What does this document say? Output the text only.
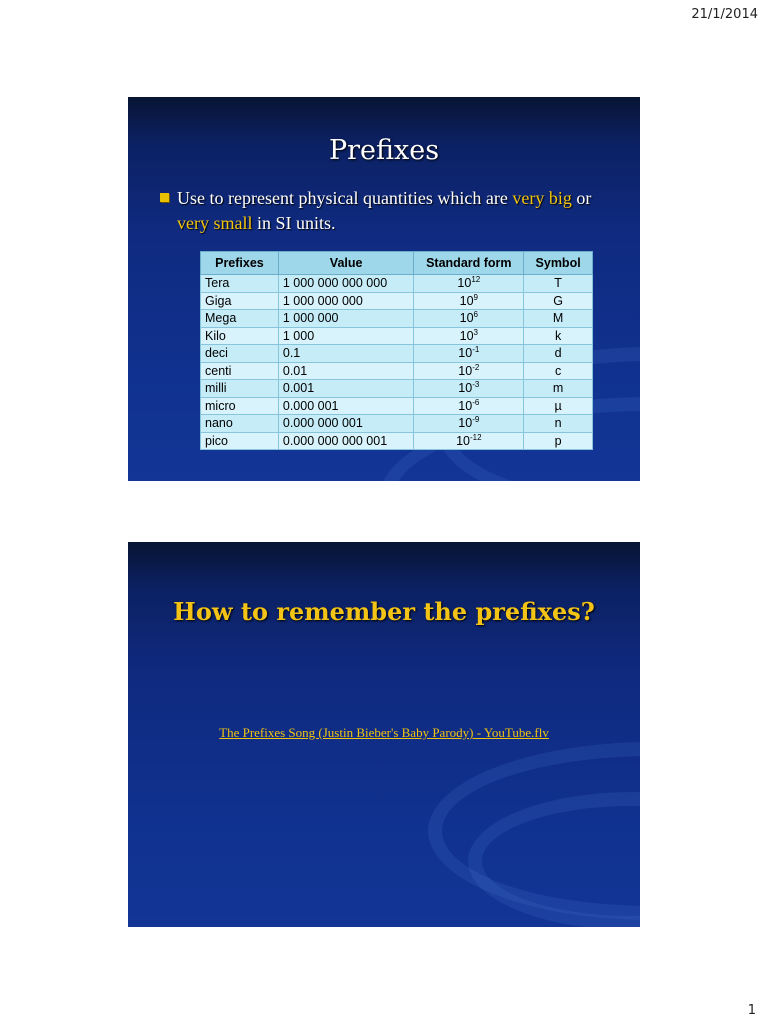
21/1/2014
Prefixes
Use to represent physical quantities which are very big or very small in SI units.
Prefixes	Value	Standard form	Symbol
Tera	1 000 000 000 000	$10^{12}$	T
Giga	1 000 000 000	$10^9$	G
Mega	1 000 000	$10^6$	M
Kilo	1 000	$10^3$	k
deci	0.1	$10^{-1}$	d
centi	0.01	$10^{-2}$	c
milli	0.001	$10^{-3}$	m
micro	0.000 001	$10^{-6}$	µ
nano	0.000 000 001	$10^{-9}$	n
pico	0.000 000 000 001	$10^{-12}$	p
How to remember the prefixes?
The Prefixes Song (Justin Bieber's Baby Parody) - YouTube.flv
1
